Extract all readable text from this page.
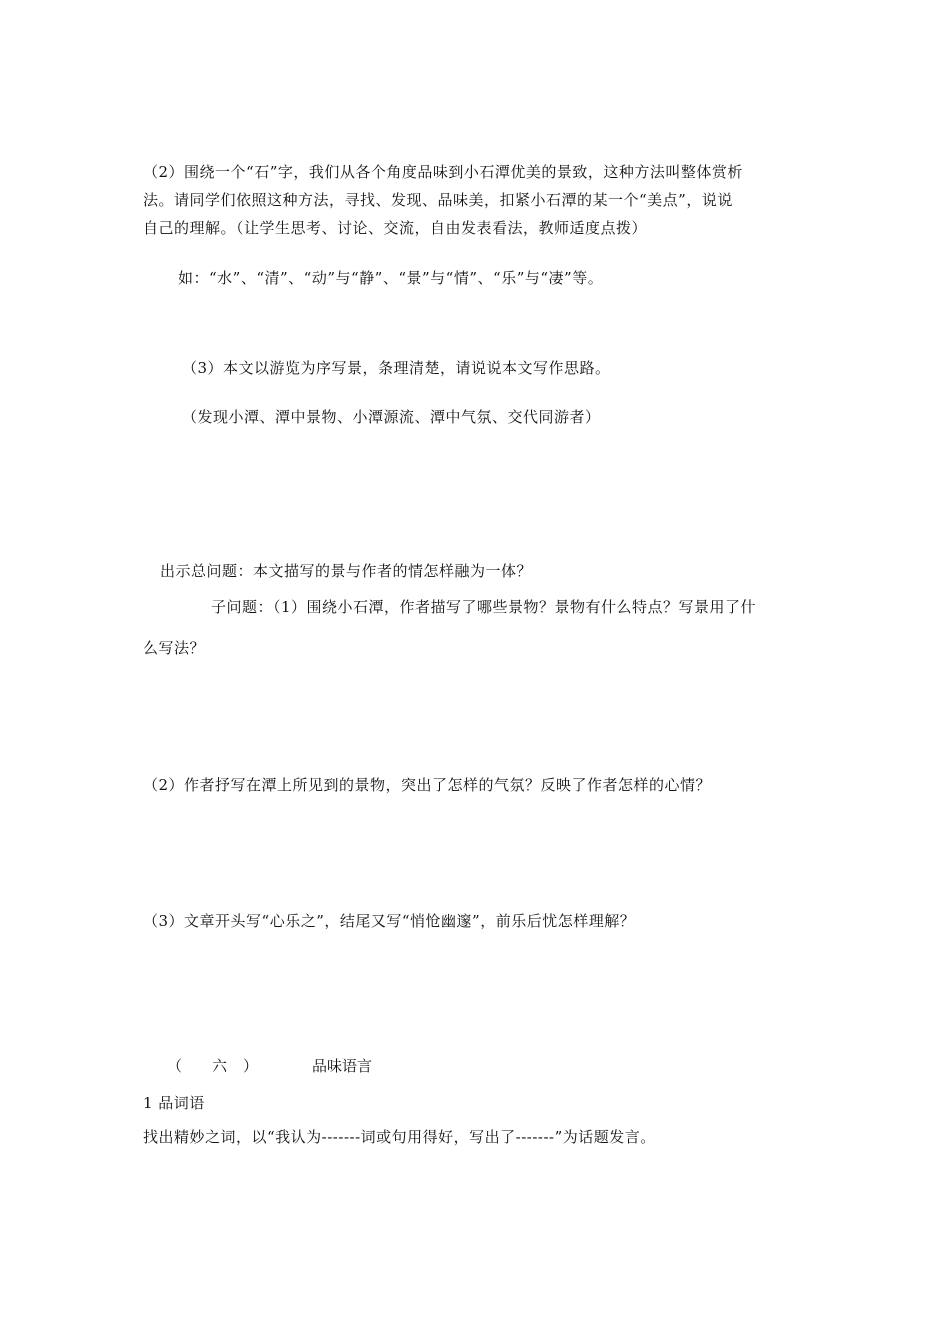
（2）围绕一个“石”字，我们从各个角度品味到小石潭优美的景致，这种方法叫整体赏析
法。请同学们依照这种方法，寻找、发现、品味美，扣紧小石潭的某一个“美点”，说说
自己的理解。（让学生思考、讨论、交流，自由发表看法，教师适度点拨）
如：“水”、“清”、“动”与“静”、“景”与“情”、“乐”与“凄”等。
（3）本文以游览为序写景，条理清楚，请说说本文写作思路。
（发现小潭、潭中景物、小潭源流、潭中气氛、交代同游者）
出示总问题：本文描写的景与作者的情怎样融为一体？
子问题：（1）围绕小石潭，作者描写了哪些景物？景物有什么特点？写景用了什
么写法？
（2）作者抒写在潭上所见到的景物，突出了怎样的气氛？反映了作者怎样的心情？
（3）文章开头写“心乐之”，结尾又写“悄怆幽邃”，前乐后忧怎样理解？
（ 六 ）	品味语言
1 品词语
找出精妙之词，以“我认为-------词或句用得好，写出了-------”为话题发言。
